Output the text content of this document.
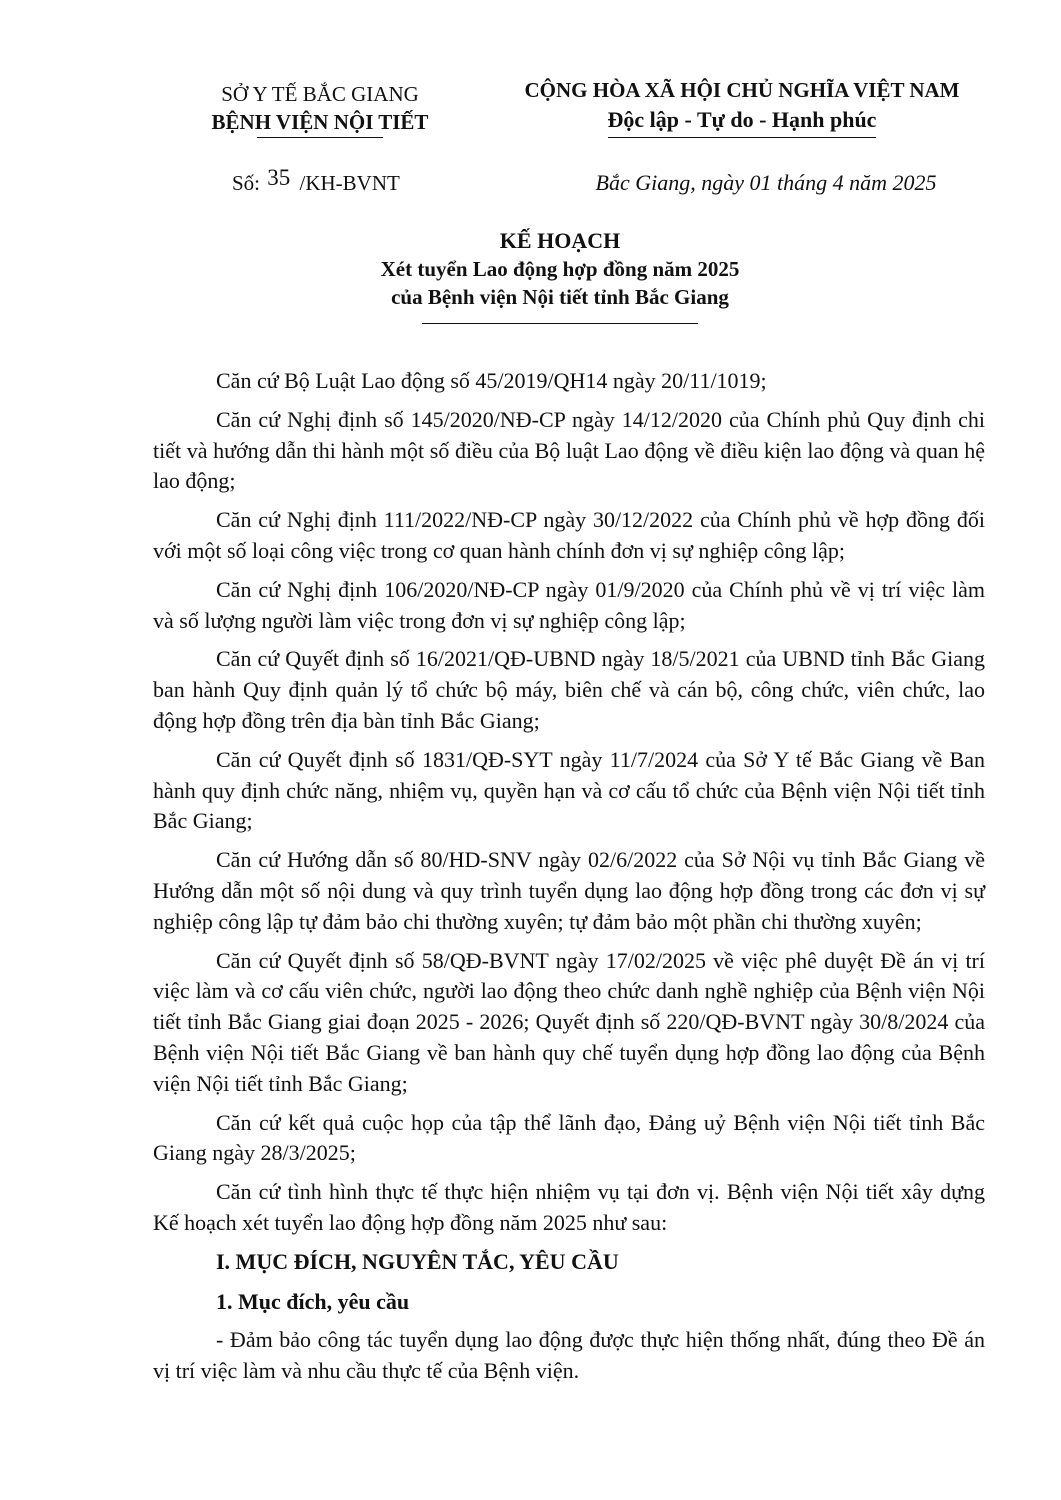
SỞ Y TẾ BẮC GIANG
BỆNH VIỆN NỘI TIẾT
CỘNG HÒA XÃ HỘI CHỦ NGHĨA VIỆT NAM
Độc lập - Tự do - Hạnh phúc
Số: 35 /KH-BVNT	Bắc Giang, ngày 01 tháng 4 năm 2025
KẾ HOẠCH
Xét tuyển Lao động hợp đồng năm 2025
của Bệnh viện Nội tiết tỉnh Bắc Giang

Căn cứ Bộ Luật Lao động số 45/2019/QH14 ngày 20/11/1019;

Căn cứ Nghị định số 145/2020/NĐ-CP ngày 14/12/2020 của Chính phủ Quy định chi tiết và hướng dẫn thi hành một số điều của Bộ luật Lao động về điều kiện lao động và quan hệ lao động;

Căn cứ Nghị định 111/2022/NĐ-CP ngày 30/12/2022 của Chính phủ về hợp đồng đối với một số loại công việc trong cơ quan hành chính đơn vị sự nghiệp công lập;

Căn cứ Nghị định 106/2020/NĐ-CP ngày 01/9/2020 của Chính phủ về vị trí việc làm và số lượng người làm việc trong đơn vị sự nghiệp công lập;

Căn cứ Quyết định số 16/2021/QĐ-UBND ngày 18/5/2021 của UBND tỉnh Bắc Giang ban hành Quy định quản lý tổ chức bộ máy, biên chế và cán bộ, công chức, viên chức, lao động hợp đồng trên địa bàn tỉnh Bắc Giang;

Căn cứ Quyết định số 1831/QĐ-SYT ngày 11/7/2024 của Sở Y tế Bắc Giang về Ban hành quy định chức năng, nhiệm vụ, quyền hạn và cơ cấu tổ chức của Bệnh viện Nội tiết tỉnh Bắc Giang;

Căn cứ Hướng dẫn số 80/HD-SNV ngày 02/6/2022 của Sở Nội vụ tỉnh Bắc Giang về Hướng dẫn một số nội dung và quy trình tuyển dụng lao động hợp đồng trong các đơn vị sự nghiệp công lập tự đảm bảo chi thường xuyên; tự đảm bảo một phần chi thường xuyên;

Căn cứ Quyết định số 58/QĐ-BVNT ngày 17/02/2025 về việc phê duyệt Đề án vị trí việc làm và cơ cấu viên chức, người lao động theo chức danh nghề nghiệp của Bệnh viện Nội tiết tỉnh Bắc Giang giai đoạn 2025 - 2026; Quyết định số 220/QĐ-BVNT ngày 30/8/2024 của Bệnh viện Nội tiết Bắc Giang về ban hành quy chế tuyển dụng hợp đồng lao động của Bệnh viện Nội tiết tỉnh Bắc Giang;

Căn cứ kết quả cuộc họp của tập thể lãnh đạo, Đảng uỷ Bệnh viện Nội tiết tỉnh Bắc Giang ngày 28/3/2025;

Căn cứ tình hình thực tế thực hiện nhiệm vụ tại đơn vị. Bệnh viện Nội tiết xây dựng Kế hoạch xét tuyển lao động hợp đồng năm 2025 như sau:

I. MỤC ĐÍCH, NGUYÊN TẮC, YÊU CẦU
1. Mục đích, yêu cầu

- Đảm bảo công tác tuyển dụng lao động được thực hiện thống nhất, đúng theo Đề án vị trí việc làm và nhu cầu thực tế của Bệnh viện.
